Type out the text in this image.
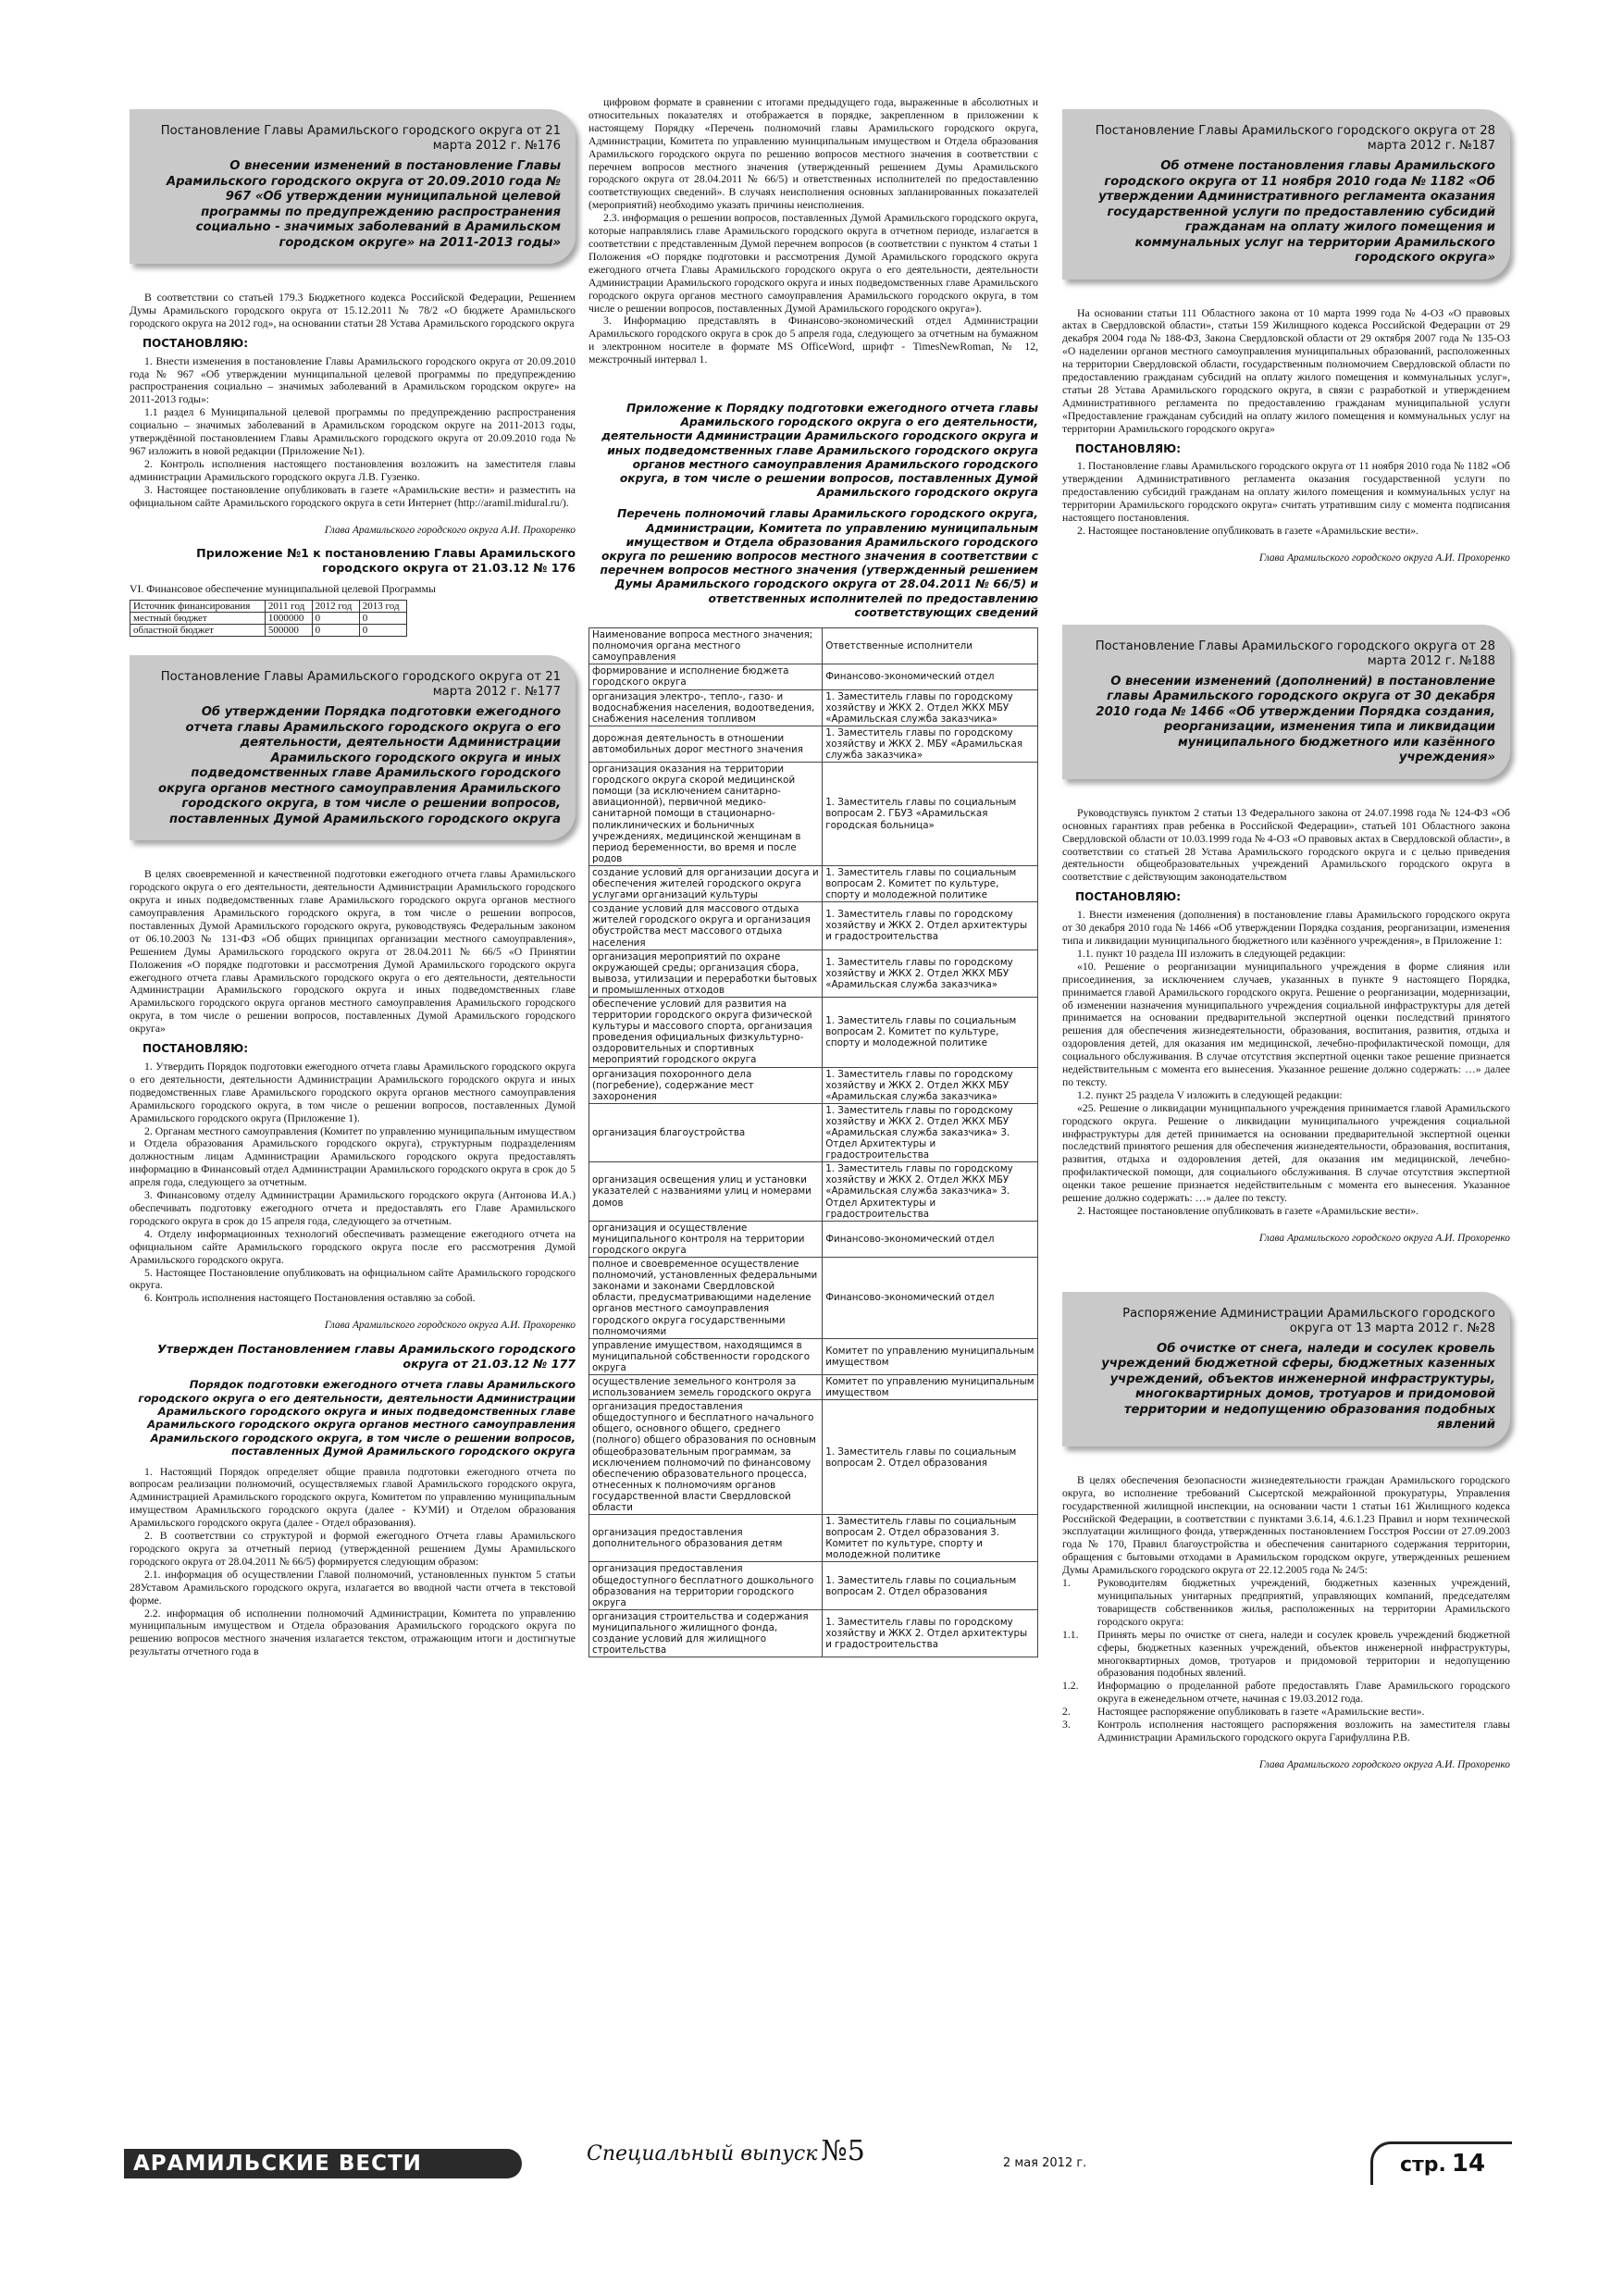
Постановление Главы Арамильского городского округа от 21 марта 2012 г. №176
О внесении изменений в постановление Главы Арамильского городского округа от 20.09.2010 года № 967 «Об утверждении муниципальной целевой программы по предупреждению распространения социально - значимых заболеваний в Арамильском городском округе» на 2011-2013 годы»

В соответствии со статьей 179.3 Бюджетного кодекса Российской Федерации, Решением Думы Арамильского городского округа от 15.12.2011 № 78/2 «О бюджете Арамильского городского округа на 2012 год», на основании статьи 28 Устава Арамильского городского округа

ПОСТАНОВЛЯЮ:

1. Внести изменения в постановление Главы Арамильского городского округа от 20.09.2010 года № 967 «Об утверждении муниципальной целевой программы по предупреждению распространения социально – значимых заболеваний в Арамильском городском округе» на 2011-2013 годы»:

1.1 раздел 6 Муниципальной целевой программы по предупреждению распространения социально – значимых заболеваний в Арамильском городском округе на 2011-2013 годы, утверждённой постановлением Главы Арамильского городского округа от 20.09.2010 года № 967 изложить в новой редакции (Приложение №1).

2. Контроль исполнения настоящего постановления возложить на заместителя главы администрации Арамильского городского округа Л.В. Гузенко.

3. Настоящее постановление опубликовать в газете «Арамильские вести» и разместить на официальном сайте Арамильского городского округа в сети Интернет (http://aramil.midural.ru/).

Глава Арамильского городского округа А.И. Прохоренко

Приложение №1 к постановлению Главы Арамильского городского округа от 21.03.12 № 176

VI. Финансовое обеспечение муниципальной целевой Программы

Источник финансирования	2011 год	2012 год	2013 год
местный бюджет	1000000	0	0
областной бюджет	500000	0	0
Постановление Главы Арамильского городского округа от 21 марта 2012 г. №177
Об утверждении Порядка подготовки ежегодного отчета главы Арамильского городского округа о его деятельности, деятельности Администрации Арамильского городского округа и иных подведомственных главе Арамильского городского округа органов местного самоуправления Арамильского городского округа, в том числе о решении вопросов, поставленных Думой Арамильского городского округа

В целях своевременной и качественной подготовки ежегодного отчета главы Арамильского городского округа о его деятельности, деятельности Администрации Арамильского городского округа и иных подведомственных главе Арамильского городского округа органов местного самоуправления Арамильского городского округа, в том числе о решении вопросов, поставленных Думой Арамильского городского округа, руководствуясь Федеральным законом от 06.10.2003 № 131-ФЗ «Об общих принципах организации местного самоуправления», Решением Думы Арамильского городского округа от 28.04.2011 № 66/5 «О Принятии Положения «О порядке подготовки и рассмотрения Думой Арамильского городского округа ежегодного отчета главы Арамильского городского округа о его деятельности, деятельности Администрации Арамильского городского округа и иных подведомственных главе Арамильского городского округа органов местного самоуправления Арамильского городского округа, в том числе о решении вопросов, поставленных Думой Арамильского городского округа»

ПОСТАНОВЛЯЮ:

1. Утвердить Порядок подготовки ежегодного отчета главы Арамильского городского округа о его деятельности, деятельности Администрации Арамильского городского округа и иных подведомственных главе Арамильского городского округа органов местного самоуправления Арамильского городского округа, в том числе о решении вопросов, поставленных Думой Арамильского городского округа (Приложение 1).

2. Органам местного самоуправления (Комитет по управлению муниципальным имуществом и Отдела образования Арамильского городского округа), структурным подразделениям должностным лицам Администрации Арамильского городского округа предоставлять информацию в Финансовый отдел Администрации Арамильского городского округа в срок до 5 апреля года, следующего за отчетным.

3. Финансовому отделу Администрации Арамильского городского округа (Антонова И.А.) обеспечивать подготовку ежегодного отчета и предоставлять его Главе Арамильского городского округа в срок до 15 апреля года, следующего за отчетным.

4. Отделу информационных технологий обеспечивать размещение ежегодного отчета на официальном сайте Арамильского городского округа после его рассмотрения Думой Арамильского городского округа.

5. Настоящее Постановление опубликовать на официальном сайте Арамильского городского округа.

6. Контроль исполнения настоящего Постановления оставляю за собой.

Глава Арамильского городского округа А.И. Прохоренко

Утвержден Постановлением главы Арамильского городского округа от 21.03.12 № 177

Порядок подготовки ежегодного отчета главы Арамильского городского округа о его деятельности, деятельности Администрации Арамильского городского округа и иных подведомственных главе Арамильского городского округа органов местного самоуправления Арамильского городского округа, в том числе о решении вопросов, поставленных Думой Арамильского городского округа

1. Настоящий Порядок определяет общие правила подготовки ежегодного отчета по вопросам реализации полномочий, осуществляемых главой Арамильского городского округа, Администрацией Арамильского городского округа, Комитетом по управлению муниципальным имуществом Арамильского городского округа (далее - КУМИ) и Отделом образования Арамильского городского округа (далее - Отдел образования).

2. В соответствии со структурой и формой ежегодного Отчета главы Арамильского городского округа за отчетный период (утвержденной решением Думы Арамильского городского округа от 28.04.2011 № 66/5) формируется следующим образом:

2.1. информация об осуществлении Главой полномочий, установленных пунктом 5 статьи 28Уставом Арамильского городского округа, излагается во вводной части отчета в текстовой форме.

2.2. информация об исполнении полномочий Администрации, Комитета по управлению муниципальным имуществом и Отдела образования Арамильского городского округа по решению вопросов местного значения излагается текстом, отражающим итоги и достигнутые результаты отчетного года в

цифровом формате в сравнении с итогами предыдущего года, выраженные в абсолютных и относительных показателях и отображается в порядке, закрепленном в приложении к настоящему Порядку «Перечень полномочий главы Арамильского городского округа, Администрации, Комитета по управлению муниципальным имуществом и Отдела образования Арамильского городского округа по решению вопросов местного значения в соответствии с перечнем вопросов местного значения (утвержденный решением Думы Арамильского городского округа от 28.04.2011 № 66/5) и ответственных исполнителей по предоставлению соответствующих сведений». В случаях неисполнения основных запланированных показателей (мероприятий) необходимо указать причины неисполнения.

2.3. информация о решении вопросов, поставленных Думой Арамильского городского округа, которые направлялись главе Арамильского городского округа в отчетном периоде, излагается в соответствии с представленным Думой перечнем вопросов (в соответствии с пунктом 4 статьи 1 Положения «О порядке подготовки и рассмотрения Думой Арамильского городского округа ежегодного отчета Главы Арамильского городского округа о его деятельности, деятельности Администрации Арамильского городского округа и иных подведомственных главе Арамильского городского округа органов местного самоуправления Арамильского городского округа, в том числе о решении вопросов, поставленных Думой Арамильского городского округа»).

3. Информацию представлять в Финансово-экономический отдел Администрации Арамильского городского округа в срок до 5 апреля года, следующего за отчетным на бумажном и электронном носителе в формате MS OfficeWord, шрифт - TimesNewRoman, № 12, межстрочный интервал 1.

Приложение к Порядку подготовки ежегодного отчета главы Арамильского городского округа о его деятельности, деятельности Администрации Арамильского городского округа и иных подведомственных главе Арамильского городского округа органов местного самоуправления Арамильского городского округа, в том числе о решении вопросов, поставленных Думой Арамильского городского округа

Перечень полномочий главы Арамильского городского округа, Администрации, Комитета по управлению муниципальным имуществом и Отдела образования Арамильского городского округа по решению вопросов местного значения в соответствии с перечнем вопросов местного значения (утвержденный решением Думы Арамильского городского округа от 28.04.2011 № 66/5) и ответственных исполнителей по предоставлению соответствующих сведений

Наименование вопроса местного значения; полномочия органа местного самоуправления	Ответственные исполнители
формирование и исполнение бюджета городского округа	Финансово-экономический отдел
организация электро-, тепло-, газо- и водоснабжения населения, водоотведения, снабжения населения топливом	1. Заместитель главы по городскому хозяйству и ЖКХ 2. Отдел ЖКХ МБУ «Арамильская служба заказчика»
дорожная деятельность в отношении автомобильных дорог местного значения	1. Заместитель главы по городскому хозяйству и ЖКХ 2. МБУ «Арамильская служба заказчика»
организация оказания на территории городского округа скорой медицинской помощи (за исключением санитарно-авиационной), первичной медико-санитарной помощи в стационарно-поликлинических и больничных учреждениях, медицинской женщинам в период беременности, во время и после родов	1. Заместитель главы по социальным вопросам 2. ГБУЗ «Арамильская городская больница»
создание условий для организации досуга и обеспечения жителей городского округа услугами организаций культуры	1. Заместитель главы по социальным вопросам 2. Комитет по культуре, спорту и молодежной политике
создание условий для массового отдыха жителей городского округа и организация обустройства мест массового отдыха населения	1. Заместитель главы по городскому хозяйству и ЖКХ 2. Отдел архитектуры и градостроительства
организация мероприятий по охране окружающей среды; организация сбора, вывоза, утилизации и переработки бытовых и промышленных отходов	1. Заместитель главы по городскому хозяйству и ЖКХ 2. Отдел ЖКХ МБУ «Арамильская служба заказчика»
обеспечение условий для развития на территории городского округа физической культуры и массового спорта, организация проведения официальных физкультурно-оздоровительных и спортивных мероприятий городского округа	1. Заместитель главы по социальным вопросам 2. Комитет по культуре, спорту и молодежной политике
организация похоронного дела (погребение), содержание мест захоронения	1. Заместитель главы по городскому хозяйству и ЖКХ 2. Отдел ЖКХ МБУ «Арамильская служба заказчика»
организация благоустройства	1. Заместитель главы по городскому хозяйству и ЖКХ 2. Отдел ЖКХ МБУ «Арамильская служба заказчика» 3. Отдел Архитектуры и градостроительства
организация освещения улиц и установки указателей с названиями улиц и номерами домов	1. Заместитель главы по городскому хозяйству и ЖКХ 2. Отдел ЖКХ МБУ «Арамильская служба заказчика» 3. Отдел Архитектуры и градостроительства
организация и осуществление муниципального контроля на территории городского округа	Финансово-экономический отдел
полное и своевременное осуществление полномочий, установленных федеральными законами и законами Свердловской области, предусматривающими наделение органов местного самоуправления городского округа государственными полномочиями	Финансово-экономический отдел
управление имуществом, находящимся в муниципальной собственности городского округа	Комитет по управлению муниципальным имуществом
осуществление земельного контроля за использованием земель городского округа	Комитет по управлению муниципальным имуществом
организация предоставления общедоступного и бесплатного начального общего, основного общего, среднего (полного) общего образования по основным общеобразовательным программам, за исключением полномочий по финансовому обеспечению образовательного процесса, отнесенных к полномочиям органов государственной власти Свердловской области	1. Заместитель главы по социальным вопросам 2. Отдел образования
организация предоставления дополнительного образования детям	1. Заместитель главы по социальным вопросам 2. Отдел образования 3. Комитет по культуре, спорту и молодежной политике
организация предоставления общедоступного бесплатного дошкольного образования на территории городского округа	1. Заместитель главы по социальным вопросам 2. Отдел образования
организация строительства и содержания муниципального жилищного фонда, создание условий для жилищного строительства	1. Заместитель главы по городскому хозяйству и ЖКХ 2. Отдел архитектуры и градостроительства
Постановление Главы Арамильского городского округа от 28 марта 2012 г. №187
Об отмене постановления главы Арамильского городского округа от 11 ноября 2010 года № 1182 «Об утверждении Административного регламента оказания государственной услуги по предоставлению субсидий гражданам на оплату жилого помещения и коммунальных услуг на территории Арамильского городского округа»

На основании статьи 111 Областного закона от 10 марта 1999 года № 4-ОЗ «О правовых актах в Свердловской области», статьи 159 Жилищного кодекса Российской Федерации от 29 декабря 2004 года № 188-ФЗ, Закона Свердловской области от 29 октября 2007 года № 135-ОЗ «О наделении органов местного самоуправления муниципальных образований, расположенных на территории Свердловской области, государственным полномочием Свердловской области по предоставлению гражданам субсидий на оплату жилого помещения и коммунальных услуг», статьи 28 Устава Арамильского городского округа, в связи с разработкой и утверждением Административного регламента по предоставлению гражданам муниципальной услуги «Предоставление гражданам субсидий на оплату жилого помещения и коммунальных услуг на территории Арамильского городского округа»

ПОСТАНОВЛЯЮ:

1. Постановление главы Арамильского городского округа от 11 ноября 2010 года № 1182 «Об утверждении Административного регламента оказания государственной услуги по предоставлению субсидий гражданам на оплату жилого помещения и коммунальных услуг на территории Арамильского городского округа» считать утратившим силу с момента подписания настоящего постановления.

2. Настоящее постановление опубликовать в газете «Арамильские вести».

Глава Арамильского городского округа А.И. Прохоренко

Постановление Главы Арамильского городского округа от 28 марта 2012 г. №188
О внесении изменений (дополнений) в постановление главы Арамильского городского округа от 30 декабря 2010 года № 1466 «Об утверждении Порядка создания, реорганизации, изменения типа и ликвидации муниципального бюджетного или казённого учреждения»

Руководствуясь пунктом 2 статьи 13 Федерального закона от 24.07.1998 года № 124-ФЗ «Об основных гарантиях прав ребенка в Российской Федерации», статьей 101 Областного закона Свердловской области от 10.03.1999 года № 4-ОЗ «О правовых актах в Свердловской области», в соответствии со статьей 28 Устава Арамильского городского округа и с целью приведения деятельности общеобразовательных учреждений Арамильского городского округа в соответствие с действующим законодательством

ПОСТАНОВЛЯЮ:

1. Внести изменения (дополнения) в постановление главы Арамильского городского округа от 30 декабря 2010 года № 1466 «Об утверждении Порядка создания, реорганизации, изменения типа и ликвидации муниципального бюджетного или казённого учреждения», в Приложение 1:

1.1. пункт 10 раздела III изложить в следующей редакции:

«10. Решение о реорганизации муниципального учреждения в форме слияния или присоединения, за исключением случаев, указанных в пункте 9 настоящего Порядка, принимается главой Арамильского городского округа. Решение о реорганизации, модернизации, об изменении назначения муниципального учреждения социальной инфраструктуры для детей принимается на основании предварительной экспертной оценки последствий принятого решения для обеспечения жизнедеятельности, образования, воспитания, развития, отдыха и оздоровления детей, для оказания им медицинской, лечебно-профилактической помощи, для социального обслуживания. В случае отсутствия экспертной оценки такое решение признается недействительным с момента его вынесения. Указанное решение должно содержать: …» далее по тексту.

1.2. пункт 25 раздела V изложить в следующей редакции:

«25. Решение о ликвидации муниципального учреждения принимается главой Арамильского городского округа. Решение о ликвидации муниципального учреждения социальной инфраструктуры для детей принимается на основании предварительной экспертной оценки последствий принятого решения для обеспечения жизнедеятельности, образования, воспитания, развития, отдыха и оздоровления детей, для оказания им медицинской, лечебно-профилактической помощи, для социального обслуживания. В случае отсутствия экспертной оценки такое решение признается недействительным с момента его вынесения. Указанное решение должно содержать: …» далее по тексту.

2. Настоящее постановление опубликовать в газете «Арамильские вести».

Глава Арамильского городского округа А.И. Прохоренко

Распоряжение Администрации Арамильского городского округа от 13 марта 2012 г. №28
Об очистке от снега, наледи и сосулек кровель учреждений бюджетной сферы, бюджетных казенных учреждений, объектов инженерной инфраструктуры, многоквартирных домов, тротуаров и придомовой территории и недопущению образования подобных явлений

В целях обеспечения безопасности жизнедеятельности граждан Арамильского городского округа, во исполнение требований Сысертской межрайонной прокуратуры, Управления государственной жилищной инспекции, на основании части 1 статьи 161 Жилищного кодекса Российской Федерации, в соответствии с пунктами 3.6.14, 4.6.1.23 Правил и норм технической эксплуатации жилищного фонда, утвержденных постановлением Госстроя России от 27.09.2003 года № 170, Правил благоустройства и обеспечения санитарного содержания территории, обращения с бытовыми отходами в Арамильском городском округе, утвержденных решением Думы Арамильского городского округа от 22.12.2005 года № 24/5:

1.	Руководителям бюджетных учреждений, бюджетных казенных учреждений, муниципальных унитарных предприятий, управляющих компаний, председателям товариществ собственников жилья, расположенных на территории Арамильского городского округа:
1.1.	Принять меры по очистке от снега, наледи и сосулек кровель учреждений бюджетной сферы, бюджетных казенных учреждений, объектов инженерной инфраструктуры, многоквартирных домов, тротуаров и придомовой территории и недопущению образования подобных явлений.
1.2.	Информацию о проделанной работе предоставлять Главе Арамильского городского округа в еженедельном отчете, начиная с 19.03.2012 года.
2.	Настоящее распоряжение опубликовать в газете «Арамильские вести».
3.	Контроль исполнения настоящего распоряжения возложить на заместителя главы Администрации Арамильского городского округа Гарифуллина Р.В.

Глава Арамильского городского округа А.И. Прохоренко

АРАМИЛЬСКИЕ ВЕСТИ	Специальный выпуск №5	2 мая 2012 г.	стр. 14
